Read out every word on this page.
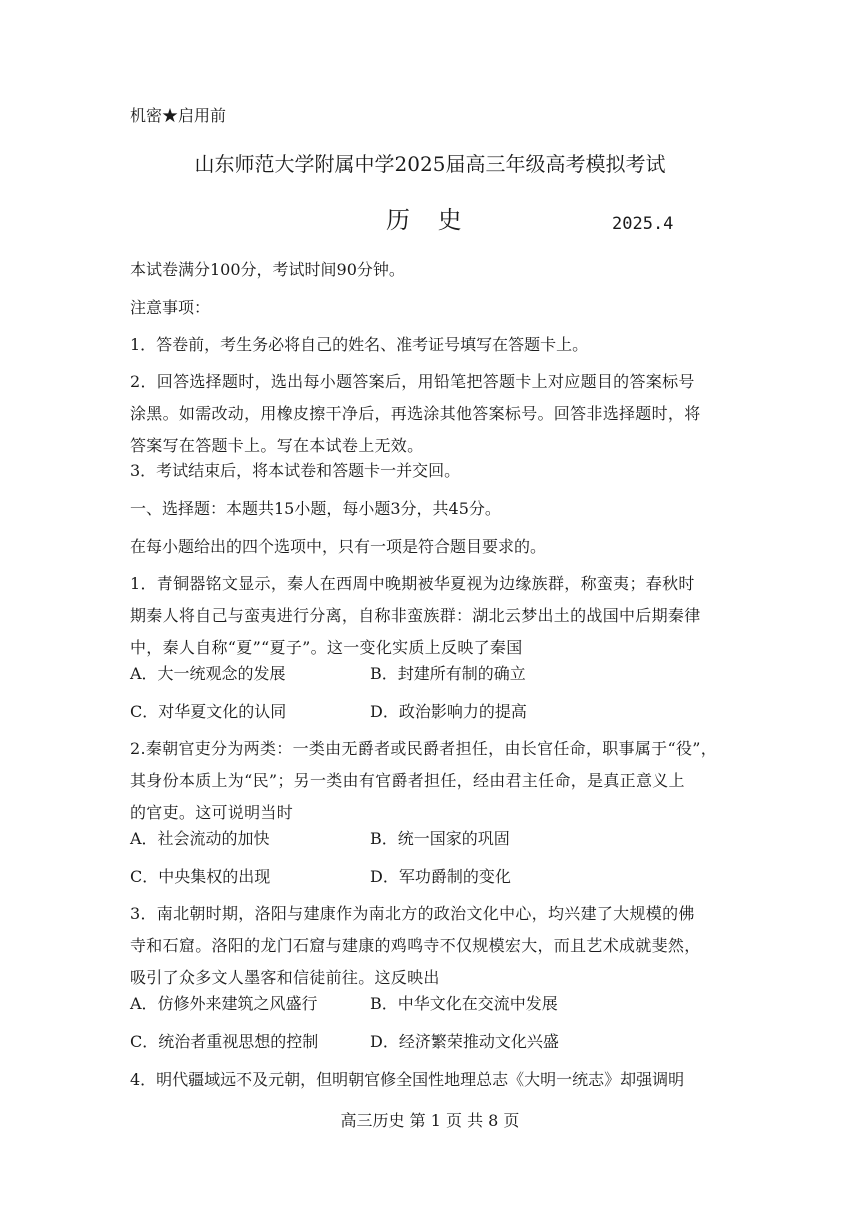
机密★启用前
山东师范大学附属中学2025届高三年级高考模拟考试
历 史	2025.4
本试卷满分100分，考试时间90分钟。
注意事项：
1．答卷前，考生务必将自己的姓名、准考证号填写在答题卡上。
2．回答选择题时，选出每小题答案后，用铅笔把答题卡上对应题目的答案标号
涂黑。如需改动，用橡皮擦干净后，再选涂其他答案标号。回答非选择题时，将
答案写在答题卡上。写在本试卷上无效。
3．考试结束后，将本试卷和答题卡一并交回。
一、选择题：本题共15小题，每小题3分，共45分。
在每小题给出的四个选项中，只有一项是符合题目要求的。
1．青铜器铭文显示，秦人在西周中晚期被华夏视为边缘族群，称蛮夷；春秋时
期秦人将自己与蛮夷进行分离，自称非蛮族群：湖北云梦出土的战国中后期秦律
中，秦人自称“夏”“夏子”。这一变化实质上反映了秦国
A．大一统观念的发展	B．封建所有制的确立
C．对华夏文化的认同	D．政治影响力的提高
2.秦朝官吏分为两类：一类由无爵者或民爵者担任，由长官任命，职事属于“役”，
其身份本质上为“民”；另一类由有官爵者担任，经由君主任命，是真正意义上
的官吏。这可说明当时
A．社会流动的加快	B．统一国家的巩固
C．中央集权的出现	D．军功爵制的变化
3．南北朝时期，洛阳与建康作为南北方的政治文化中心，均兴建了大规模的佛
寺和石窟。洛阳的龙门石窟与建康的鸡鸣寺不仅规模宏大，而且艺术成就斐然，
吸引了众多文人墨客和信徒前往。这反映出
A．仿修外来建筑之风盛行	B．中华文化在交流中发展
C．统治者重视思想的控制	D．经济繁荣推动文化兴盛
4．明代疆域远不及元朝，但明朝官修全国性地理总志《大明一统志》却强调明
高三历史 第 1 页 共 8 页
